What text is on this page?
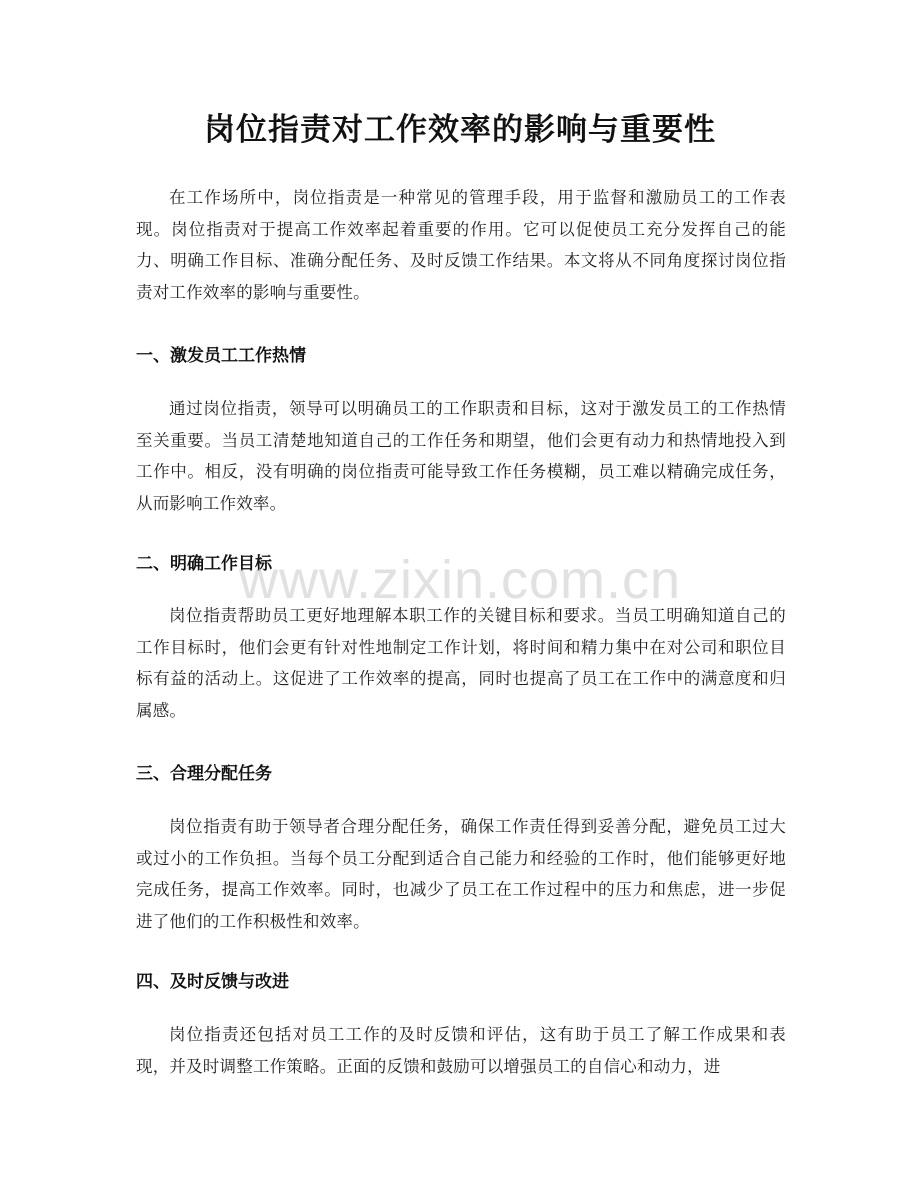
岗位指责对工作效率的影响与重要性

在工作场所中，岗位指责是一种常见的管理手段，用于监督和激励员工的工作表现。岗位指责对于提高工作效率起着重要的作用。它可以促使员工充分发挥自己的能力、明确工作目标、准确分配任务、及时反馈工作结果。本文将从不同角度探讨岗位指责对工作效率的影响与重要性。

一、激发员工工作热情

通过岗位指责，领导可以明确员工的工作职责和目标，这对于激发员工的工作热情至关重要。当员工清楚地知道自己的工作任务和期望，他们会更有动力和热情地投入到工作中。相反，没有明确的岗位指责可能导致工作任务模糊，员工难以精确完成任务，从而影响工作效率。

二、明确工作目标

岗位指责帮助员工更好地理解本职工作的关键目标和要求。当员工明确知道自己的工作目标时，他们会更有针对性地制定工作计划，将时间和精力集中在对公司和职位目标有益的活动上。这促进了工作效率的提高，同时也提高了员工在工作中的满意度和归属感。

三、合理分配任务

岗位指责有助于领导者合理分配任务，确保工作责任得到妥善分配，避免员工过大或过小的工作负担。当每个员工分配到适合自己能力和经验的工作时，他们能够更好地完成任务，提高工作效率。同时，也减少了员工在工作过程中的压力和焦虑，进一步促进了他们的工作积极性和效率。

四、及时反馈与改进

岗位指责还包括对员工工作的及时反馈和评估，这有助于员工了解工作成果和表现，并及时调整工作策略。正面的反馈和鼓励可以增强员工的自信心和动力，进

www.zixin.com.cn
